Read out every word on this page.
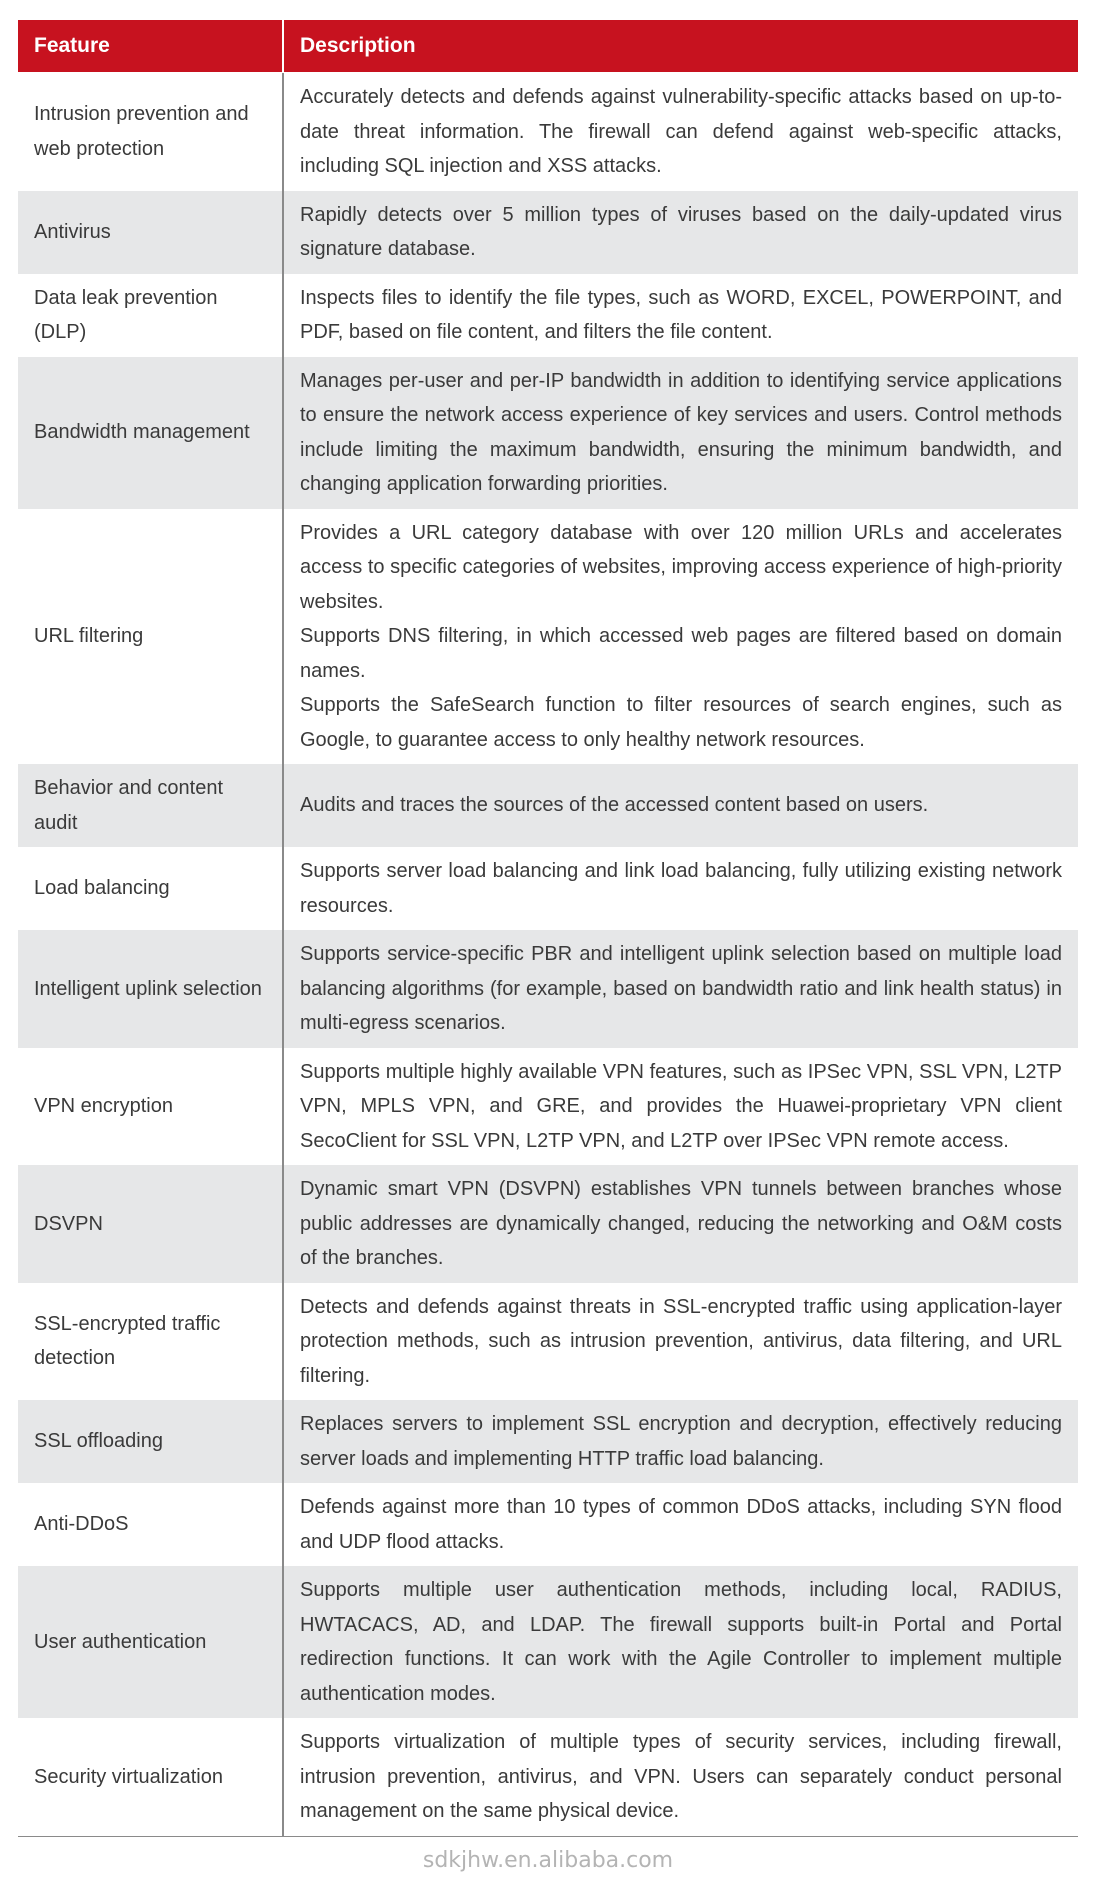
Feature	Description
Intrusion prevention and web protection	Accurately detects and defends against vulnerability-specific attacks based on up-to-date threat information. The firewall can defend against web-specific attacks, including SQL injection and XSS attacks.

Antivirus	Rapidly detects over 5 million types of viruses based on the daily-updated virus signature database.

Data leak prevention (DLP)	Inspects files to identify the file types, such as WORD, EXCEL, POWERPOINT, and PDF, based on file content, and filters the file content.

Bandwidth management	Manages per-user and per-IP bandwidth in addition to identifying service applications to ensure the network access experience of key services and users. Control methods include limiting the maximum bandwidth, ensuring the minimum bandwidth, and changing application forwarding priorities.

URL filtering	Provides a URL category database with over 120 million URLs and accelerates access to specific categories of websites, improving access experience of high-priority websites.
Supports DNS filtering, in which accessed web pages are filtered based on domain names.
Supports the SafeSearch function to filter resources of search engines, such as Google, to guarantee access to only healthy network resources.

Behavior and content audit	Audits and traces the sources of the accessed content based on users.

Load balancing	Supports server load balancing and link load balancing, fully utilizing existing network resources.

Intelligent uplink selection	Supports service-specific PBR and intelligent uplink selection based on multiple load balancing algorithms (for example, based on bandwidth ratio and link health status) in multi-egress scenarios.

VPN encryption	Supports multiple highly available VPN features, such as IPSec VPN, SSL VPN, L2TP VPN, MPLS VPN, and GRE, and provides the Huawei-proprietary VPN client SecoClient for SSL VPN, L2TP VPN, and L2TP over IPSec VPN remote access.

DSVPN	Dynamic smart VPN (DSVPN) establishes VPN tunnels between branches whose public addresses are dynamically changed, reducing the networking and O&M costs of the branches.

SSL-encrypted traffic detection	Detects and defends against threats in SSL-encrypted traffic using application-layer protection methods, such as intrusion prevention, antivirus, data filtering, and URL filtering.

SSL offloading	Replaces servers to implement SSL encryption and decryption, effectively reducing server loads and implementing HTTP traffic load balancing.

Anti-DDoS	Defends against more than 10 types of common DDoS attacks, including SYN flood and UDP flood attacks.

User authentication	Supports multiple user authentication methods, including local, RADIUS, HWTACACS, AD, and LDAP. The firewall supports built-in Portal and Portal redirection functions. It can work with the Agile Controller to implement multiple authentication modes.

Security virtualization	Supports virtualization of multiple types of security services, including firewall, intrusion prevention, antivirus, and VPN. Users can separately conduct personal management on the same physical device.
sdkjhw.en.alibaba.com
